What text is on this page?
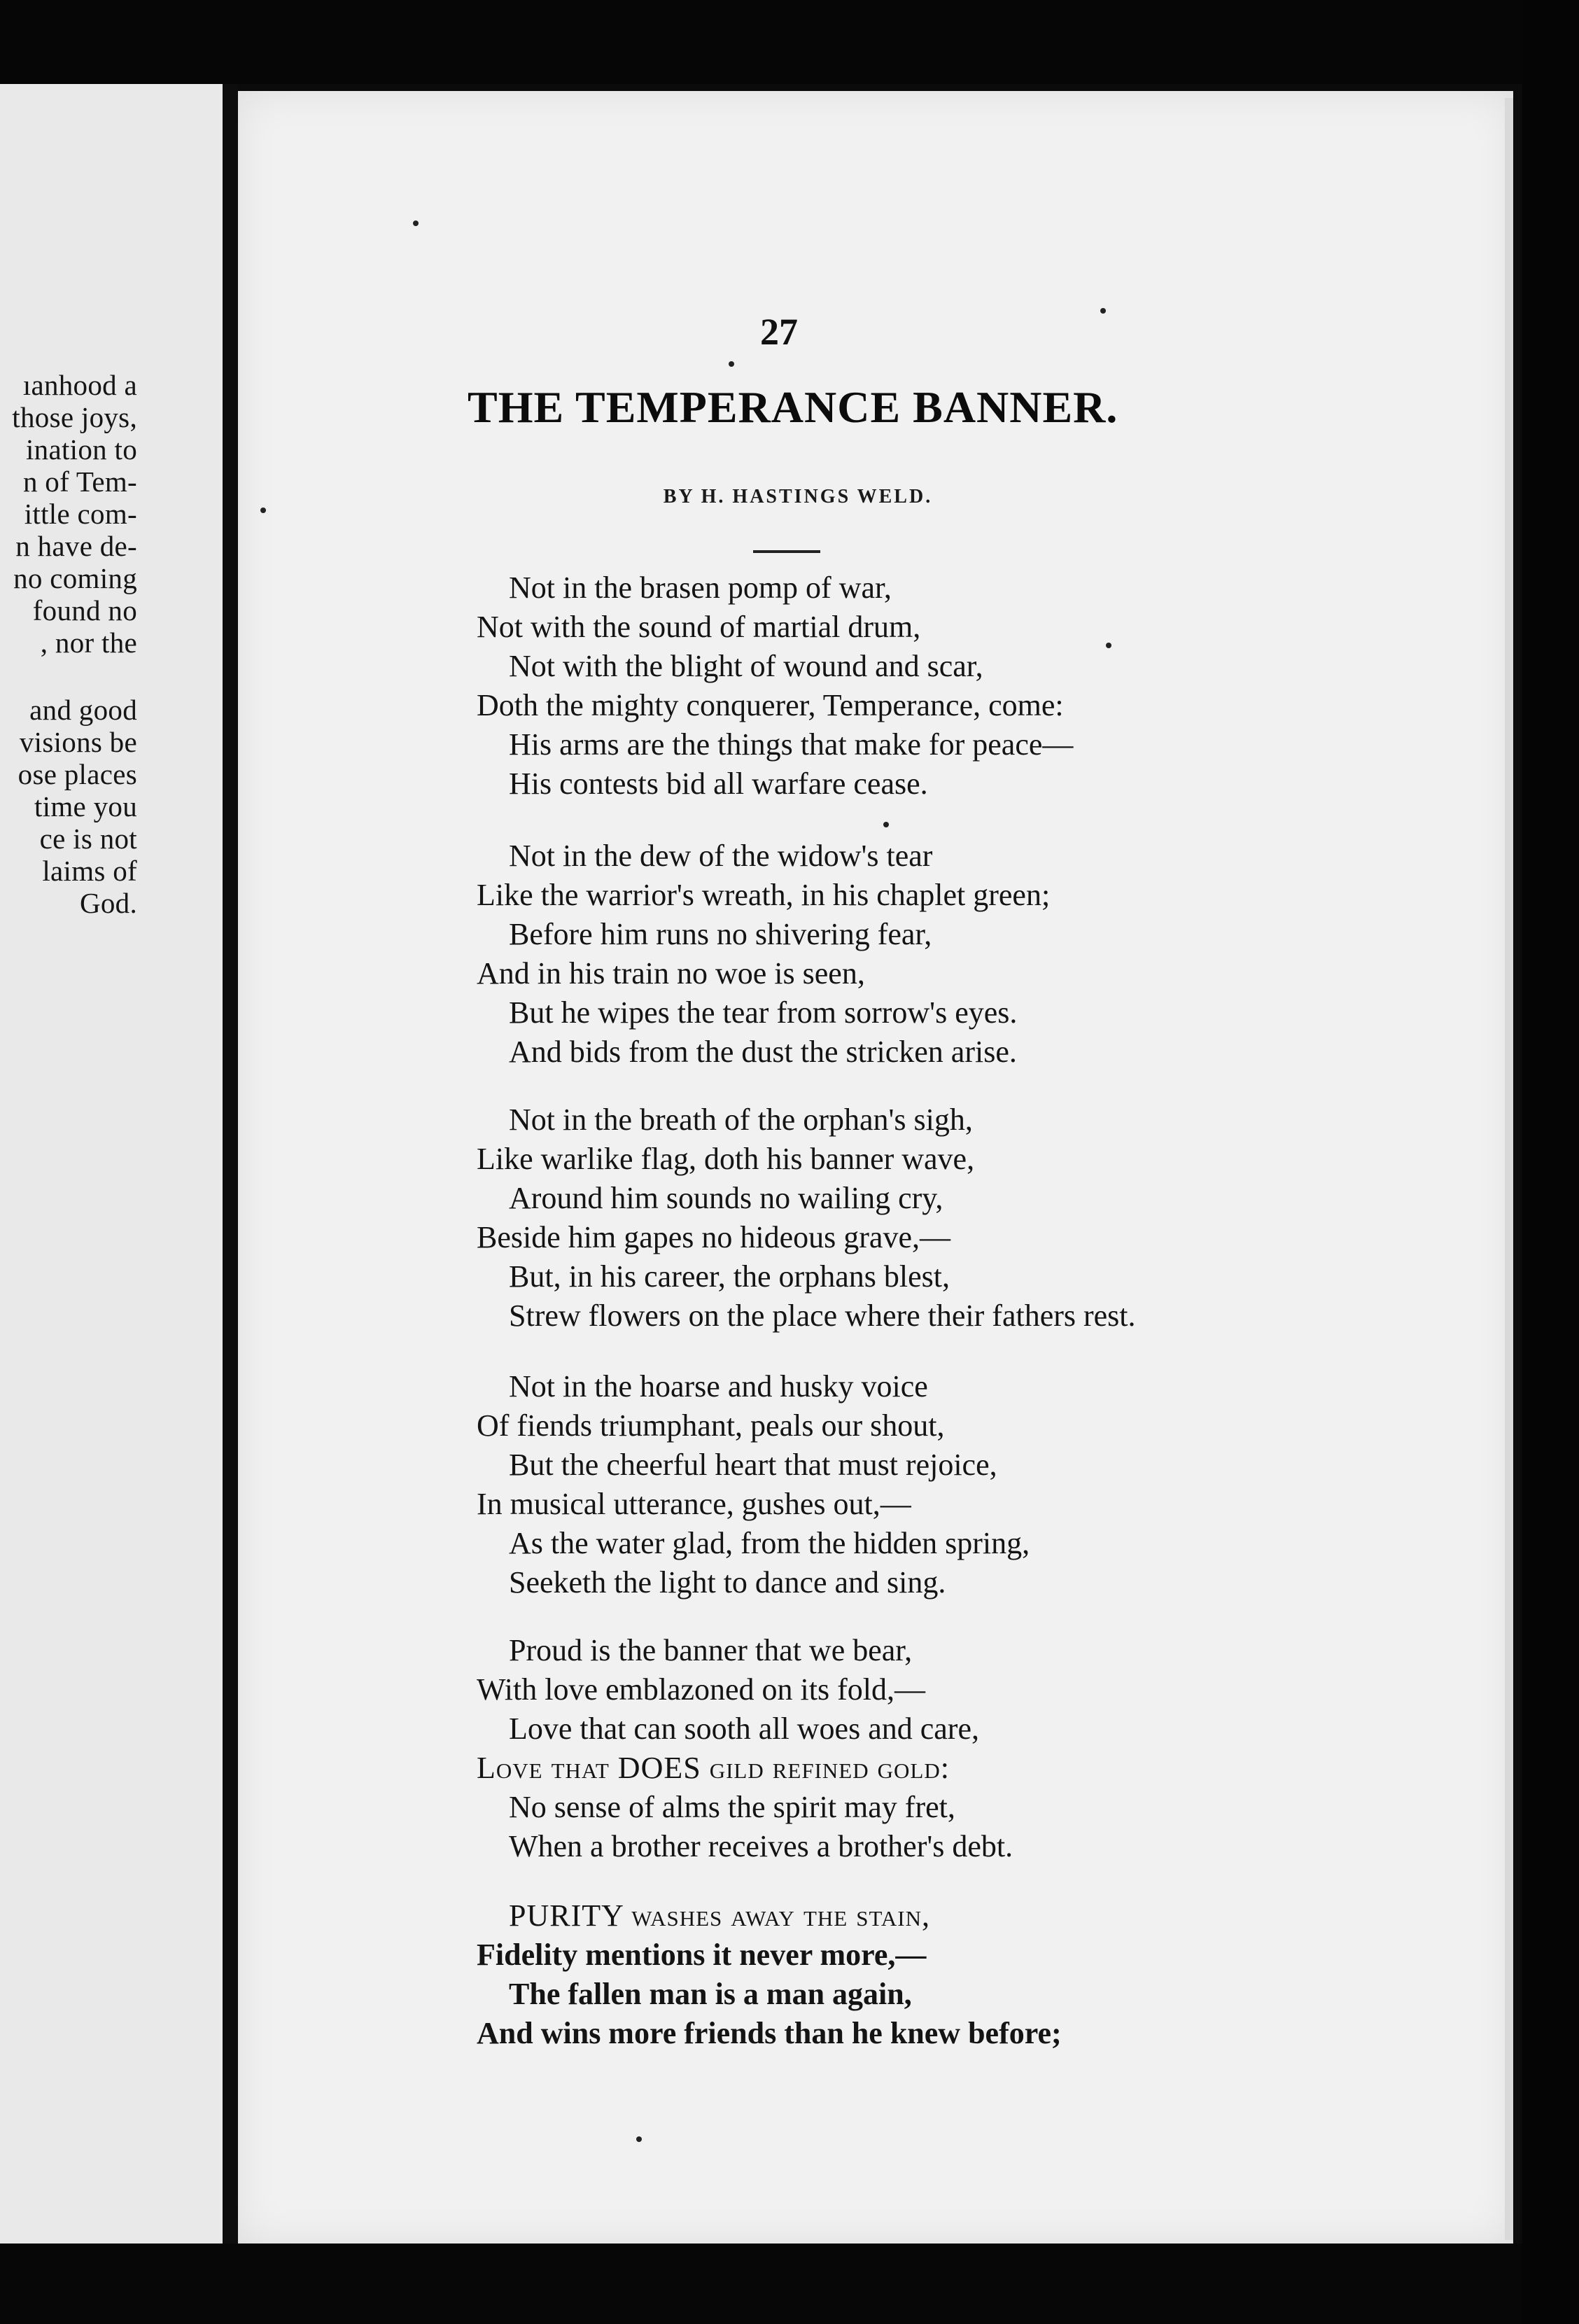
ıanhood a
those joys,
ination to
n of Tem-
ittle com-
n have de-
no coming
found no
, nor the
and good
visions be
ose places
time you
ce is not
laims of
God.
27
THE TEMPERANCE BANNER.
BY H. HASTINGS WELD.
Not in the brasen pomp of war,
Not with the sound of martial drum,
Not with the blight of wound and scar,
Doth the mighty conquerer, Temperance, come:
His arms are the things that make for peace—
His contests bid all warfare cease.
Not in the dew of the widow's tear
Like the warrior's wreath, in his chaplet green;
Before him runs no shivering fear,
And in his train no woe is seen,
But he wipes the tear from sorrow's eyes.
And bids from the dust the stricken arise.
Not in the breath of the orphan's sigh,
Like warlike flag, doth his banner wave,
Around him sounds no wailing cry,
Beside him gapes no hideous grave,—
But, in his career, the orphans blest,
Strew flowers on the place where their fathers rest.
Not in the hoarse and husky voice
Of fiends triumphant, peals our shout,
But the cheerful heart that must rejoice,
In musical utterance, gushes out,—
As the water glad, from the hidden spring,
Seeketh the light to dance and sing.
Proud is the banner that we bear,
With love emblazoned on its fold,—
Love that can sooth all woes and care,
Love that DOES gild refined gold:
No sense of alms the spirit may fret,
When a brother receives a brother's debt.
PURITY washes away the stain,
Fidelity mentions it never more,—
The fallen man is a man again,
And wins more friends than he knew before;
